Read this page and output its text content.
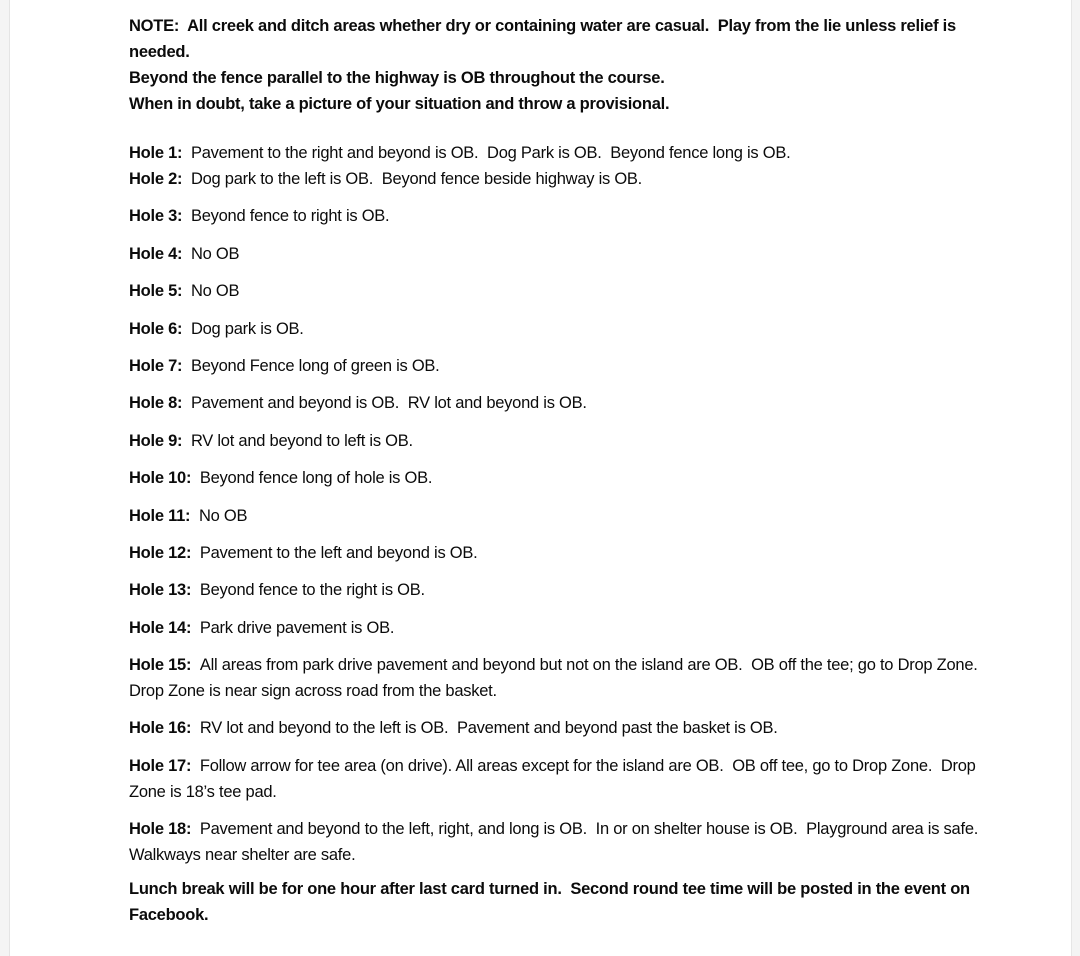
NOTE:  All creek and ditch areas whether dry or containing water are casual.  Play from the lie unless relief is needed.

Beyond the fence parallel to the highway is OB throughout the course.

When in doubt, take a picture of your situation and throw a provisional.

Hole 1: Pavement to the right and beyond is OB.  Dog Park is OB.  Beyond fence long is OB.

Hole 2: Dog park to the left is OB.  Beyond fence beside highway is OB.

Hole 3: Beyond fence to right is OB.

Hole 4: No OB

Hole 5: No OB

Hole 6: Dog park is OB.

Hole 7: Beyond Fence long of green is OB.

Hole 8: Pavement and beyond is OB.  RV lot and beyond is OB.

Hole 9: RV lot and beyond to left is OB.

Hole 10: Beyond fence long of hole is OB.

Hole 11: No OB

Hole 12: Pavement to the left and beyond is OB.

Hole 13: Beyond fence to the right is OB.

Hole 14: Park drive pavement is OB.

Hole 15: All areas from park drive pavement and beyond but not on the island are OB.  OB off the tee; go to Drop Zone.  Drop Zone is near sign across road from the basket.

Hole 16: RV lot and beyond to the left is OB.  Pavement and beyond past the basket is OB.

Hole 17: Follow arrow for tee area (on drive). All areas except for the island are OB.  OB off tee, go to Drop Zone.  Drop Zone is 18’s tee pad.

Hole 18: Pavement and beyond to the left, right, and long is OB.  In or on shelter house is OB.  Playground area is safe.  Walkways near shelter are safe.

Lunch break will be for one hour after last card turned in.  Second round tee time will be posted in the event on Facebook.
